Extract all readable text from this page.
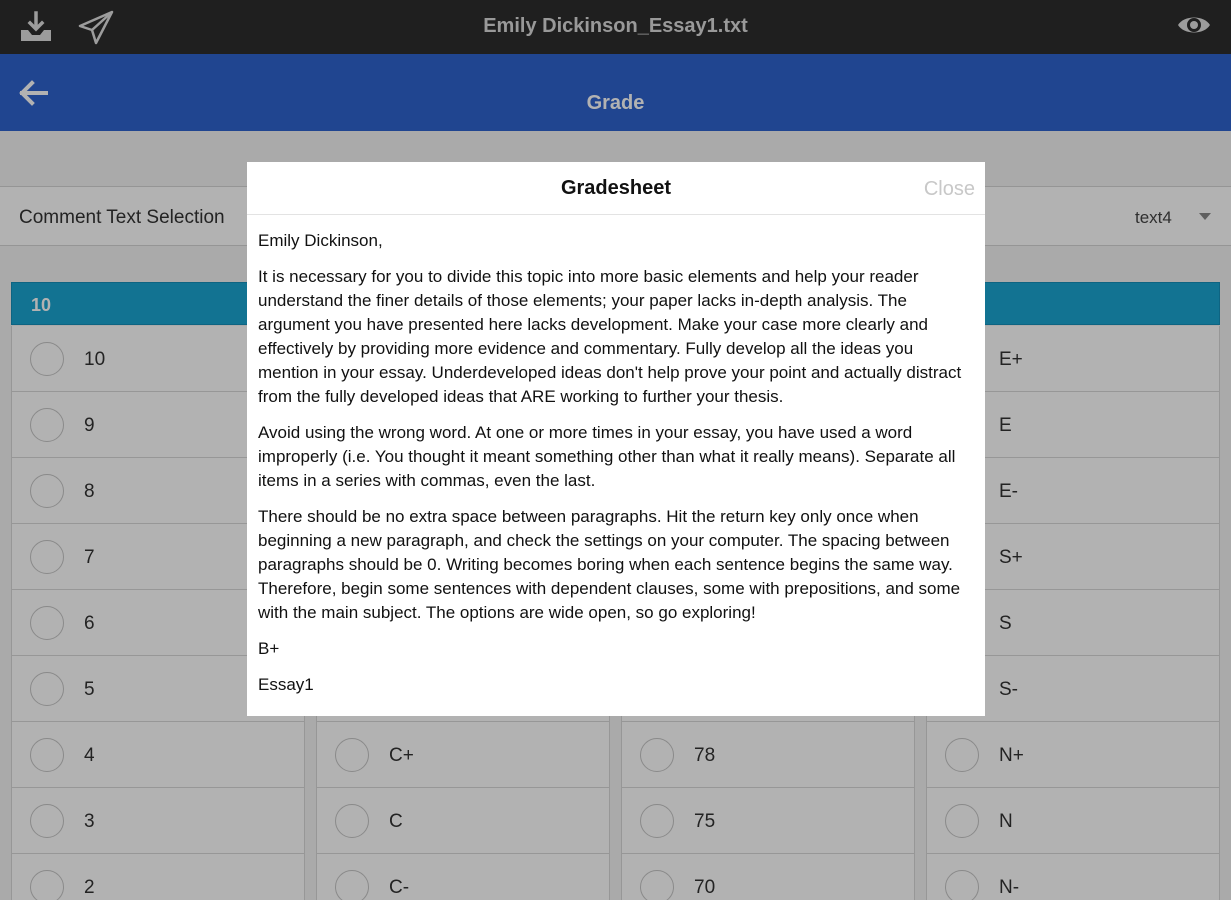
Emily Dickinson_Essay1.txt
Grade
Comment Text Selection	text4
10
10
9
8
7
6
5
4
3
2
C+
C
C-
78
75
70
E+
E
E-
S+
S
S-
N+
N
N-
Gradesheet	Close

Emily Dickinson,

It is necessary for you to divide this topic into more basic elements and help your reader understand the finer details of those elements; your paper lacks in-depth analysis. The argument you have presented here lacks development. Make your case more clearly and effectively by providing more evidence and commentary. Fully develop all the ideas you mention in your essay. Underdeveloped ideas don't help prove your point and actually distract from the fully developed ideas that ARE working to further your thesis.

Avoid using the wrong word. At one or more times in your essay, you have used a word improperly (i.e. You thought it meant something other than what it really means). Separate all items in a series with commas, even the last.

There should be no extra space between paragraphs. Hit the return key only once when beginning a new paragraph, and check the settings on your computer. The spacing between paragraphs should be 0. Writing becomes boring when each sentence begins the same way. Therefore, begin some sentences with dependent clauses, some with prepositions, and some with the main subject. The options are wide open, so go exploring!

B+

Essay1
